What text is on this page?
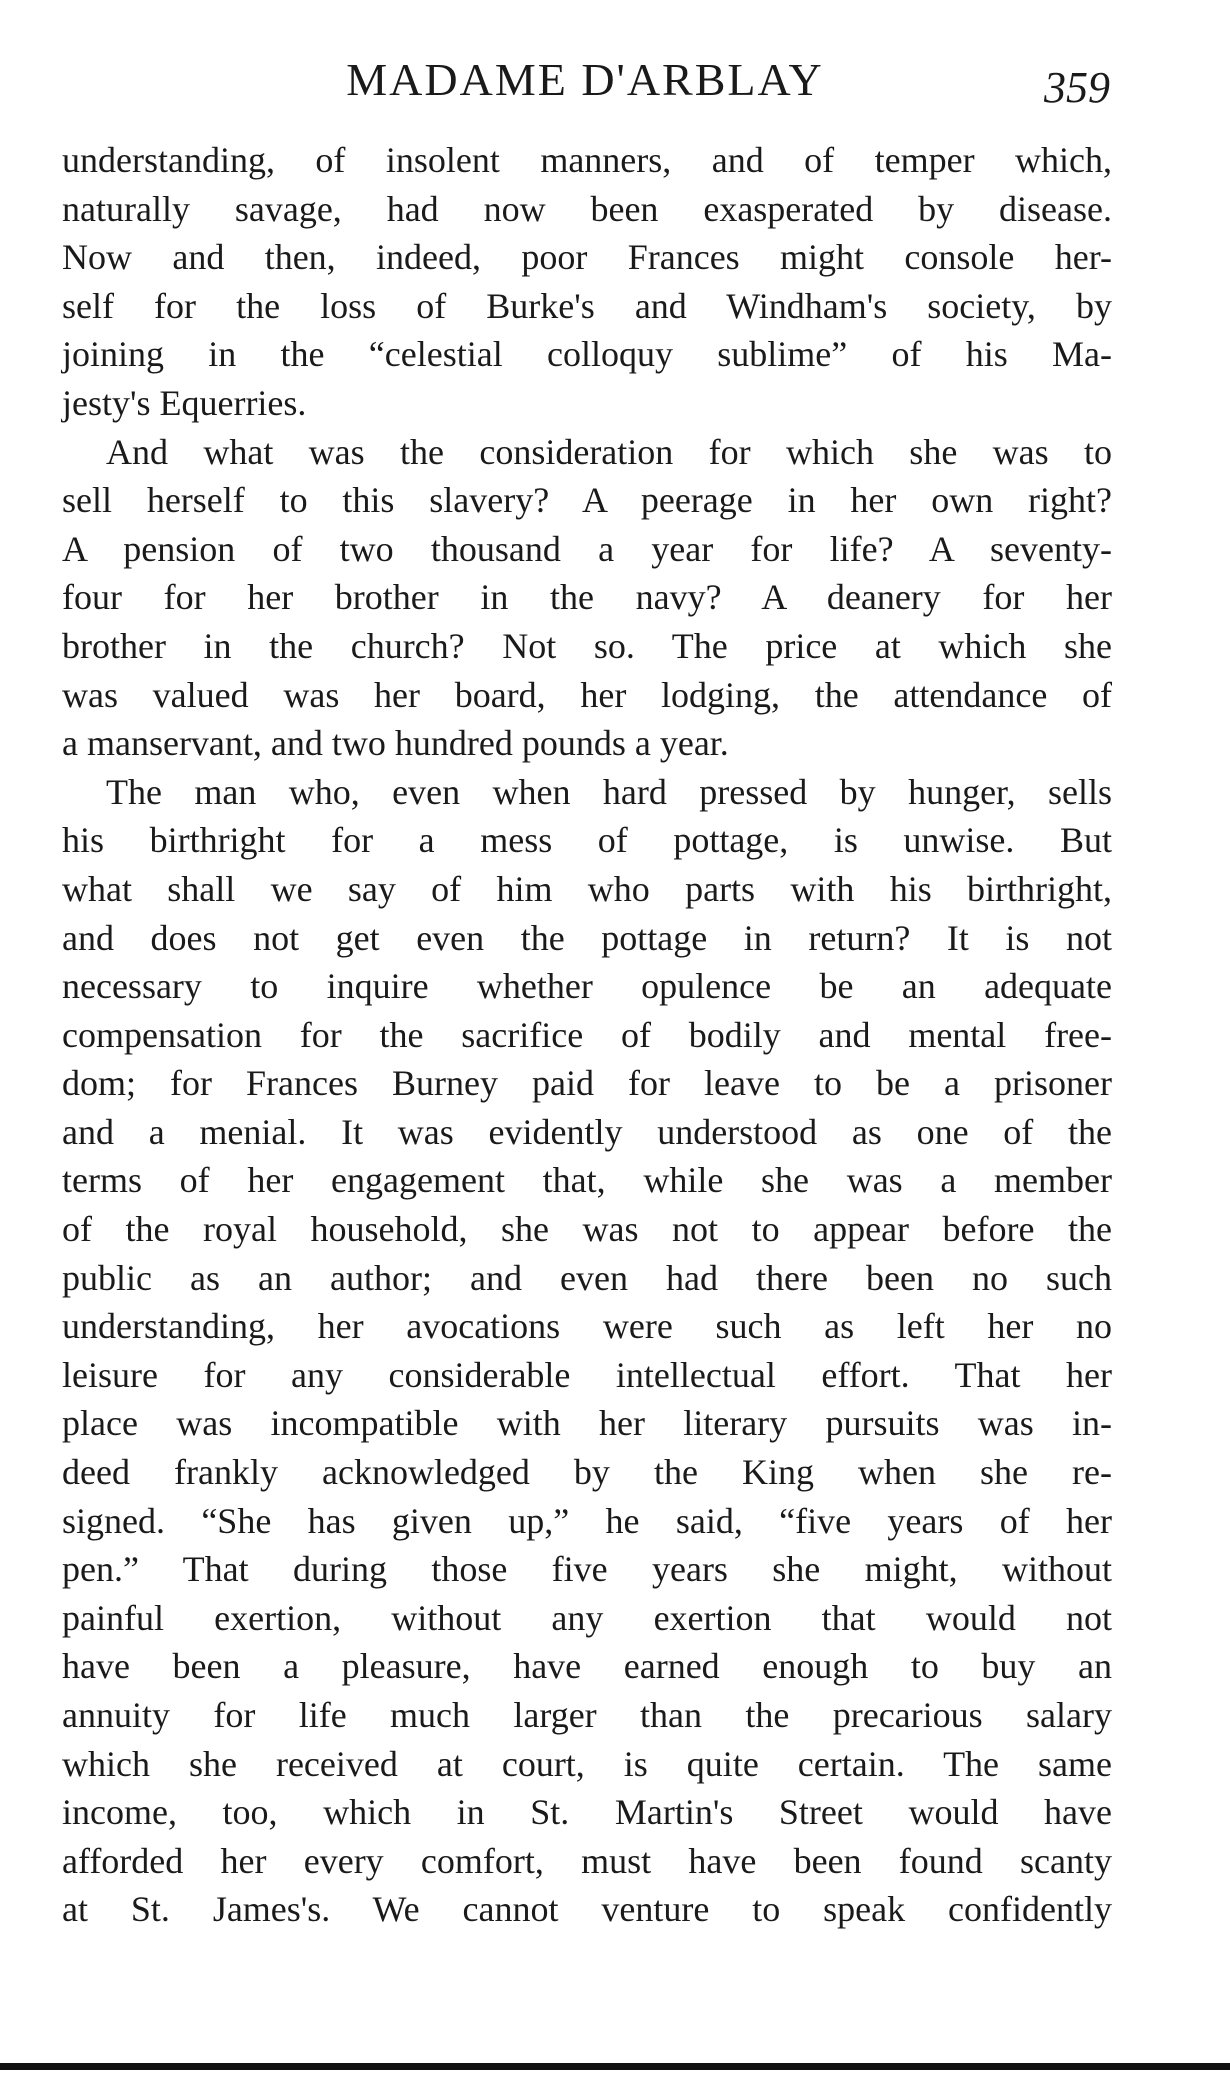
MADAME D'ARBLAY	359
understanding, of insolent manners, and of temper which,
naturally savage, had now been exasperated by disease.
Now and then, indeed, poor Frances might console her-
self for the loss of Burke's and Windham's society, by
joining in the “celestial colloquy sublime” of his Ma-
jesty's Equerries.
And what was the consideration for which she was to
sell herself to this slavery? A peerage in her own right?
A pension of two thousand a year for life? A seventy-
four for her brother in the navy? A deanery for her
brother in the church? Not so. The price at which she
was valued was her board, her lodging, the attendance of
a manservant, and two hundred pounds a year.
The man who, even when hard pressed by hunger, sells
his birthright for a mess of pottage, is unwise. But
what shall we say of him who parts with his birthright,
and does not get even the pottage in return? It is not
necessary to inquire whether opulence be an adequate
compensation for the sacrifice of bodily and mental free-
dom; for Frances Burney paid for leave to be a prisoner
and a menial. It was evidently understood as one of the
terms of her engagement that, while she was a member
of the royal household, she was not to appear before the
public as an author; and even had there been no such
understanding, her avocations were such as left her no
leisure for any considerable intellectual effort. That her
place was incompatible with her literary pursuits was in-
deed frankly acknowledged by the King when she re-
signed. “She has given up,” he said, “five years of her
pen.” That during those five years she might, without
painful exertion, without any exertion that would not
have been a pleasure, have earned enough to buy an
annuity for life much larger than the precarious salary
which she received at court, is quite certain. The same
income, too, which in St. Martin's Street would have
afforded her every comfort, must have been found scanty
at St. James's. We cannot venture to speak confidently
